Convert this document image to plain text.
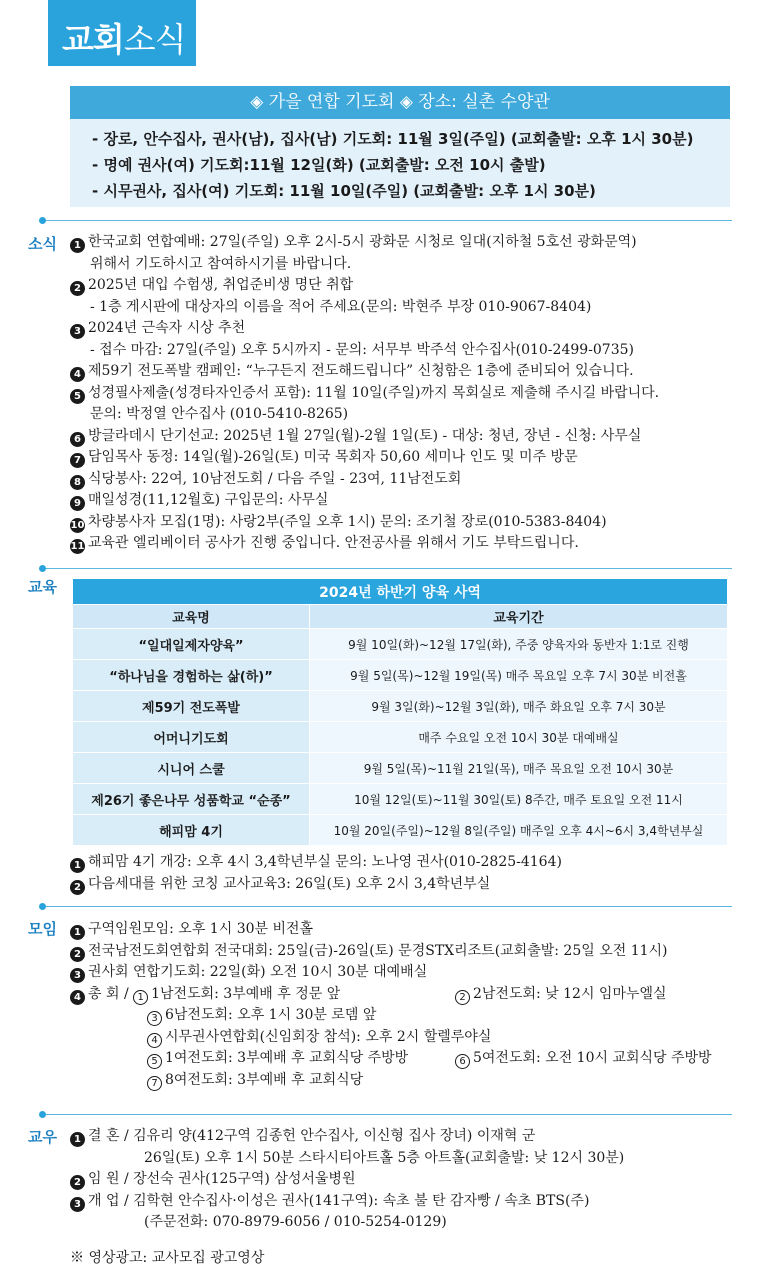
교회소식
◈ 가을 연합 기도회 ◈ 장소: 실촌 수양관
- 장로, 안수집사, 권사(남), 집사(남) 기도회: 11월 3일(주일) (교회출발: 오후 1시 30분)
- 명예 권사(여) 기도회:11월 12일(화) (교회출발: 오전 10시 출발)
- 시무권사, 집사(여) 기도회: 11월 10일(주일) (교회출발: 오후 1시 30분)
소식	1 한국교회 연합예배: 27일(주일) 오후 2시-5시 광화문 시청로 일대(지하철 5호선 광화문역)
위해서 기도하시고 참여하시기를 바랍니다.
2 2025년 대입 수험생, 취업준비생 명단 취합
- 1층 게시판에 대상자의 이름을 적어 주세요(문의: 박현주 부장 010-9067-8404)
3 2024년 근속자 시상 추천
- 접수 마감: 27일(주일) 오후 5시까지 - 문의: 서무부 박주석 안수집사(010-2499-0735)
4 제59기 전도폭발 캠페인: “누구든지 전도해드립니다” 신청함은 1층에 준비되어 있습니다.
5 성경필사제출(성경타자인증서 포함): 11월 10일(주일)까지 목회실로 제출해 주시길 바랍니다.
문의: 박정열 안수집사 (010-5410-8265)
6 방글라데시 단기선교: 2025년 1월 27일(월)-2월 1일(토) - 대상: 청년, 장년 - 신청: 사무실
7 담임목사 동정: 14일(월)-26일(토) 미국 목회자 50,60 세미나 인도 및 미주 방문
8 식당봉사: 22여, 10남전도회 / 다음 주일 - 23여, 11남전도회
9 매일성경(11,12월호) 구입문의: 사무실
10 차량봉사자 모집(1명): 사랑2부(주일 오후 1시) 문의: 조기철 장로(010-5383-8404)
11 교육관 엘리베이터 공사가 진행 중입니다. 안전공사를 위해서 기도 부탁드립니다.
교육	2024년 하반기 양육 사역	
교육명	교육기간
“일대일제자양육”	9월 10일(화)~12월 17일(화), 주중 양육자와 동반자 1:1로 진행
“하나님을 경험하는 삶(하)”	9월 5일(목)~12월 19일(목) 매주 목요일 오후 7시 30분 비전홀
제59기 전도폭발	9월 3일(화)~12월 3일(화), 매주 화요일 오후 7시 30분
어머니기도회	매주 수요일 오전 10시 30분 대예배실
시니어 스쿨	9월 5일(목)~11월 21일(목), 매주 목요일 오전 10시 30분
제26기 좋은나무 성품학교 “순종”	10월 12일(토)~11월 30일(토) 8주간, 매주 토요일 오전 11시
해피맘 4기	10월 20일(주일)~12월 8일(주일) 매주일 오후 4시~6시 3,4학년부실
1 해피맘 4기 개강: 오후 4시 3,4학년부실 문의: 노나영 권사(010-2825-4164)
2 다음세대를 위한 코칭 교사교육3: 26일(토) 오후 2시 3,4학년부실
모임	1 구역임원모임: 오후 1시 30분 비전홀
2 전국남전도회연합회 전국대회: 25일(금)-26일(토) 문경STX리조트(교회출발: 25일 오전 11시)
3 권사회 연합기도회: 22일(화) 오전 10시 30분 대예배실
4 총 회 / 1 1남전도회: 3부예배 후 정문 앞	2 2남전도회: 낮 12시 임마누엘실
3 6남전도회: 오후 1시 30분 로뎀 앞
4 시무권사연합회(신임회장 참석): 오후 2시 할렐루야실
5 1여전도회: 3부예배 후 교회식당 주방방	6 5여전도회: 오전 10시 교회식당 주방방
7 8여전도회: 3부예배 후 교회식당
교우	1 결 혼 / 김유리 양(412구역 김종헌 안수집사, 이신형 집사 장녀) 이재혁 군
26일(토) 오후 1시 50분 스타시티아트홀 5층 아트홀(교회출발: 낮 12시 30분)
2 임 원 / 장선숙 권사(125구역) 삼성서울병원
3 개 업 / 김학현 안수집사·이성은 권사(141구역): 속초 불 탄 감자빵 / 속초 BTS(주)
(주문전화: 070-8979-6056 / 010-5254-0129)
※ 영상광고: 교사모집 광고영상
